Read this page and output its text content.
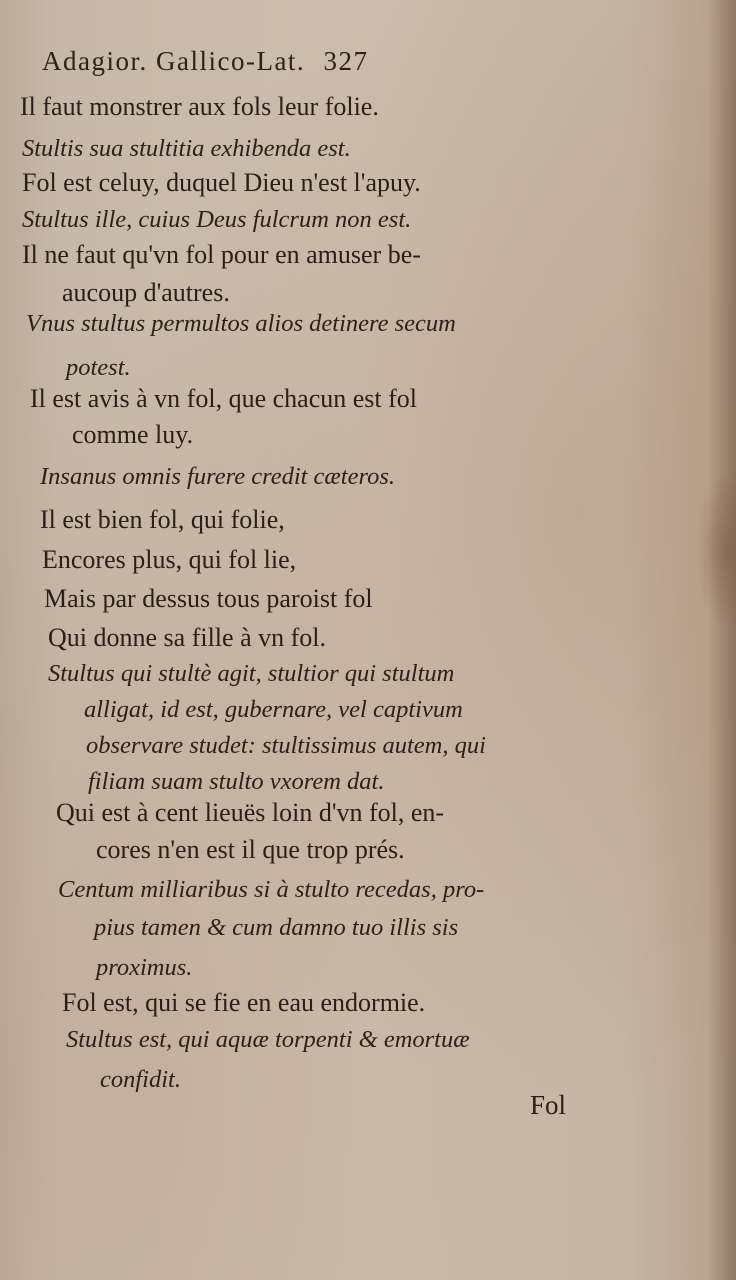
Adagior. Gallico-Lat. 327
Il faut monstrer aux fols leur folie.
Stultis sua stultitia exhibenda est.
Fol est celuy, duquel Dieu n'est l'apuy.
Stultus ille, cuius Deus fulcrum non est.
Il ne faut qu'vn fol pour en amuser be-
aucoup d'autres.
Vnus stultus permultos alios detinere secum
potest.
Il est avis à vn fol, que chacun est fol
comme luy.
Insanus omnis furere credit cæteros.
Il est bien fol, qui folie,
Encores plus, qui fol lie,
Mais par dessus tous paroist fol
Qui donne sa fille à vn fol.
Stultus qui stultè agit, stultior qui stultum
alligat, id est, gubernare, vel captivum
observare studet: stultissimus autem, qui
filiam suam stulto vxorem dat.
Qui est à cent lieuës loin d'vn fol, en-
cores n'en est il que trop prés.
Centum milliaribus si à stulto recedas, pro-
pius tamen & cum damno tuo illis sis
proximus.
Fol est, qui se fie en eau endormie.
Stultus est, qui aquæ torpenti & emortuæ
confidit.
Fol
